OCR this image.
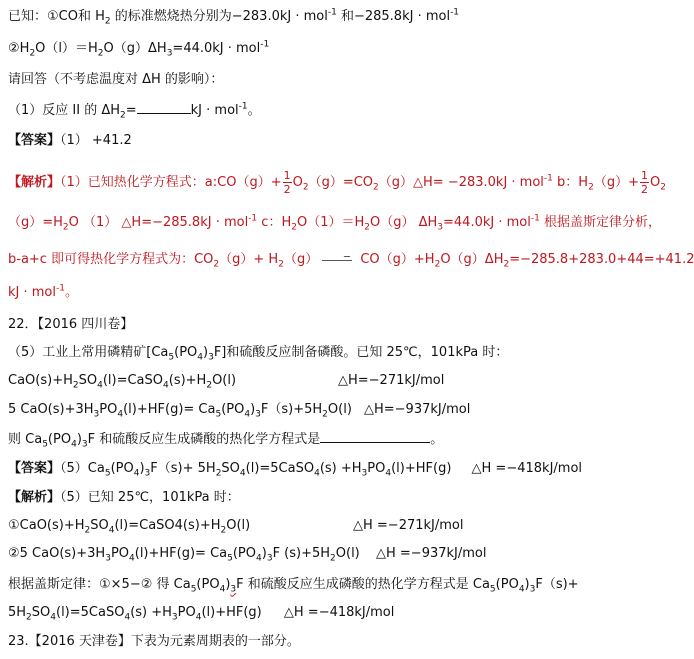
已知：①CO和 $H_2$ 的标准燃烧热分别为−283.0kJ · mol$^{-1}$ 和−285.8kJ · mol$^{-1}$
$②H_2O(l)=H_2O(g)\Delta H_3=44.0kJ \cdot mol^{-1}$
请回答（不考虑温度对 ΔH 的影响）：
（1）反应 II 的 $\Delta H_2=$	kJ · mol$^{-1}$。
【答案】（1） +41.2
【解析】（1）已知热化学方程式：a:CO（g）+ $\frac{1}{2}$ $O_2(g)=CO_2(g)\triangle H= -283.0kJ \cdot mol^{-1}$ b：$H_2(g)+ \frac{1}{2} O_2$
$(g)=H_2O$ （1） △H=−285.8kJ · mol$^{-1}$ c：$H_2O(1)=H_2O(g) \Delta H_3=44.0kJ \cdot mol^{-1}$ 根据盖斯定律分析，
b-a+c 即可得热化学方程式为：$CO_2(g)+ H_2(g)$	$CO(g)+H_2O(g)\Delta H_2=-285.8+283.0+44=+41.2$
kJ · mol$^{-1}$。
22．【2016 四川卷】
（5）工业上常用磷精矿$[Ca_5(PO_4)_3F]$和硫酸反应制备磷酸。已知 25℃，101kPa 时：
$CaO(s)+H_2SO_4(l)=CaSO_4(s)+H_2O(l)$	△H=−271kJ/mol
5 $CaO(s)+3H_3PO_4(l)+HF(g)= Ca_5(PO_4)_3F(s)+5H_2O(l)$ △H=−937kJ/mol
则 $Ca_5(PO_4)_3F$ 和硫酸反应生成磷酸的热化学方程式是	。
【答案】$(5)Ca_5(PO_4)_3F(s)+$ $5H_2SO_4(l)=5CaSO_4(s) +H_3PO_4(l)+HF(g)$ △H =−418kJ/mol
【解析】（5）已知 25℃，101kPa 时：
$①CaO(s)+H_2SO_4(l)=CaSO4(s)+H_2O(l)$	△H =−271kJ/mol
②5 $CaO(s)+3H_3PO_4(l)+HF(g)= Ca_5(PO_4)_3F$ $(s)+5H_2O(l)$ △H =−937kJ/mol
根据盖斯定律：①×5−② 得 $Ca_5(PO_4)_3F$ 和硫酸反应生成磷酸的热化学方程式是 $Ca_5(PO_4)_3F(s)+$
$5H_2SO_4(l)=5CaSO_4(s) +H_3PO_4(l)+HF(g)$ △H =−418kJ/mol
23.【2016 天津卷】下表为元素周期表的一部分。
